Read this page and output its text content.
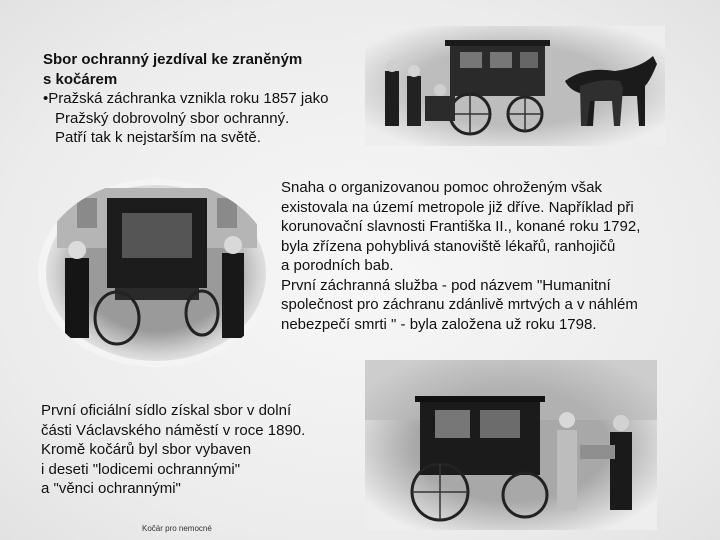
Kočár pro nemocné
Sbor ochranný jezdíval ke zraněným
s kočárem
•Pražská záchranka vznikla roku 1857 jako
Pražský dobrovolný sbor ochranný.
Patří tak k nejstarším na světě.
Snaha o organizovanou pomoc ohroženým však
existovala na území metropole již dříve. Například při
korunovační slavnosti Františka II., konané roku 1792,
byla zřízena pohyblivá stanoviště lékařů, ranhojičů
a porodních bab.
První záchranná služba - pod názvem "Humanitní
společnost pro záchranu zdánlivě mrtvých a v náhlém
nebezpečí smrti " - byla založena už roku 1798.
První oficiální sídlo získal sbor v dolní
části Václavského náměstí v roce 1890.
Kromě kočárů byl sbor vybaven
i deseti "lodicemi ochrannými"
a "věnci ochrannými"
